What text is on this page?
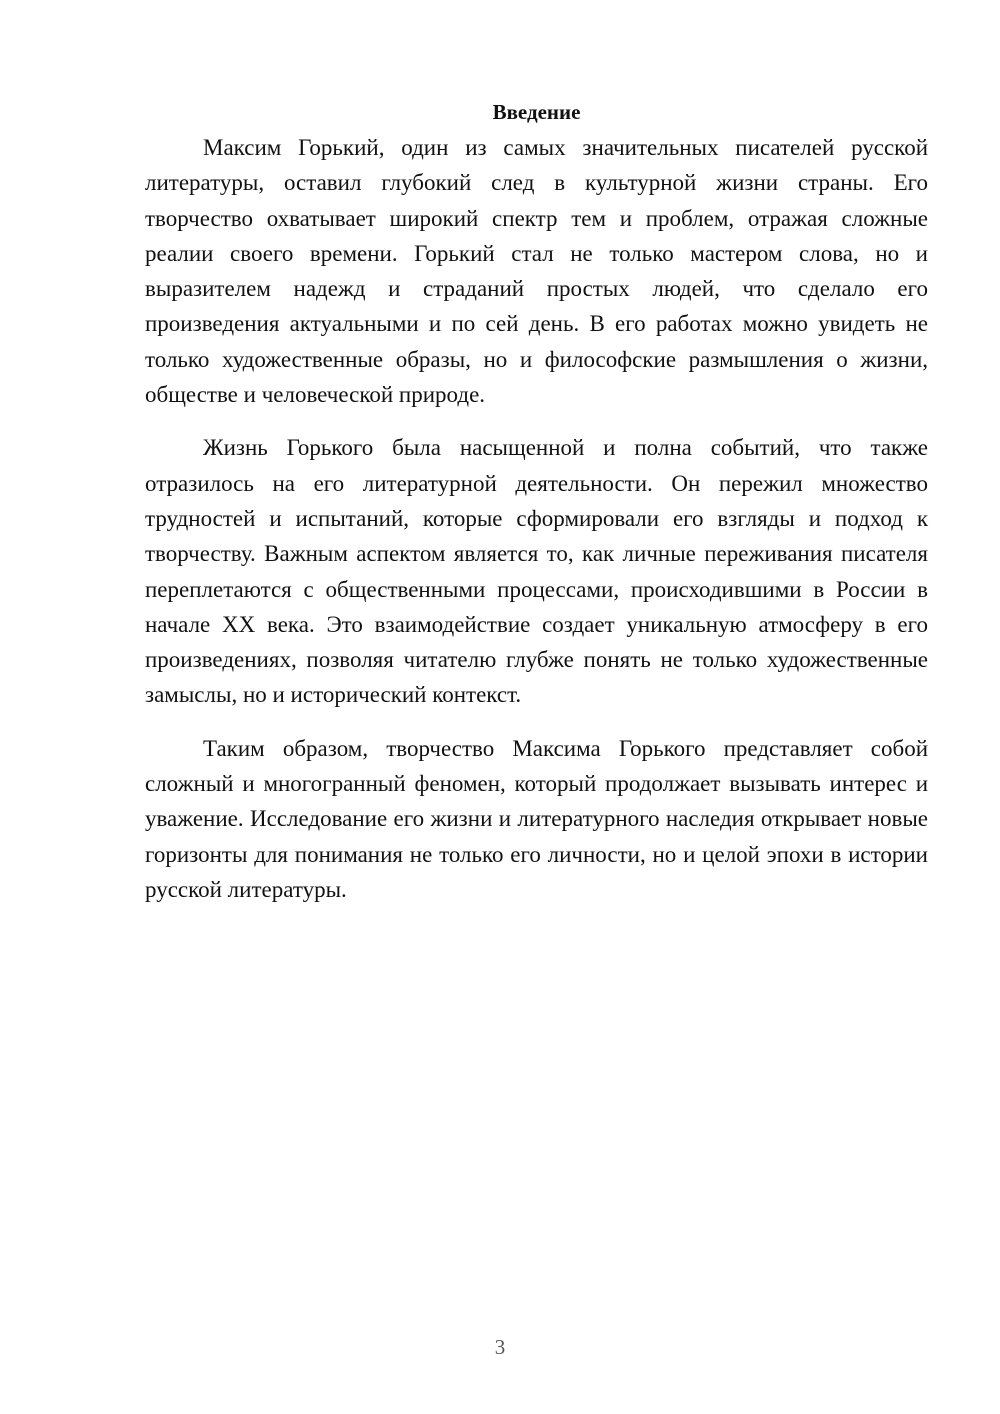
Введение

Максим Горький, один из самых значительных писателей русской литературы, оставил глубокий след в культурной жизни страны. Его творчество охватывает широкий спектр тем и проблем, отражая сложные реалии своего времени. Горький стал не только мастером слова, но и выразителем надежд и страданий простых людей, что сделало его произведения актуальными и по сей день. В его работах можно увидеть не только художественные образы, но и философские размышления о жизни, обществе и человеческой природе.

Жизнь Горького была насыщенной и полна событий, что также отразилось на его литературной деятельности. Он пережил множество трудностей и испытаний, которые сформировали его взгляды и подход к творчеству. Важным аспектом является то, как личные переживания писателя переплетаются с общественными процессами, происходившими в России в начале XX века. Это взаимодействие создает уникальную атмосферу в его произведениях, позволяя читателю глубже понять не только художественные замыслы, но и исторический контекст.

Таким образом, творчество Максима Горького представляет собой сложный и многогранный феномен, который продолжает вызывать интерес и уважение. Исследование его жизни и литературного наследия открывает новые горизонты для понимания не только его личности, но и целой эпохи в истории русской литературы.

3
